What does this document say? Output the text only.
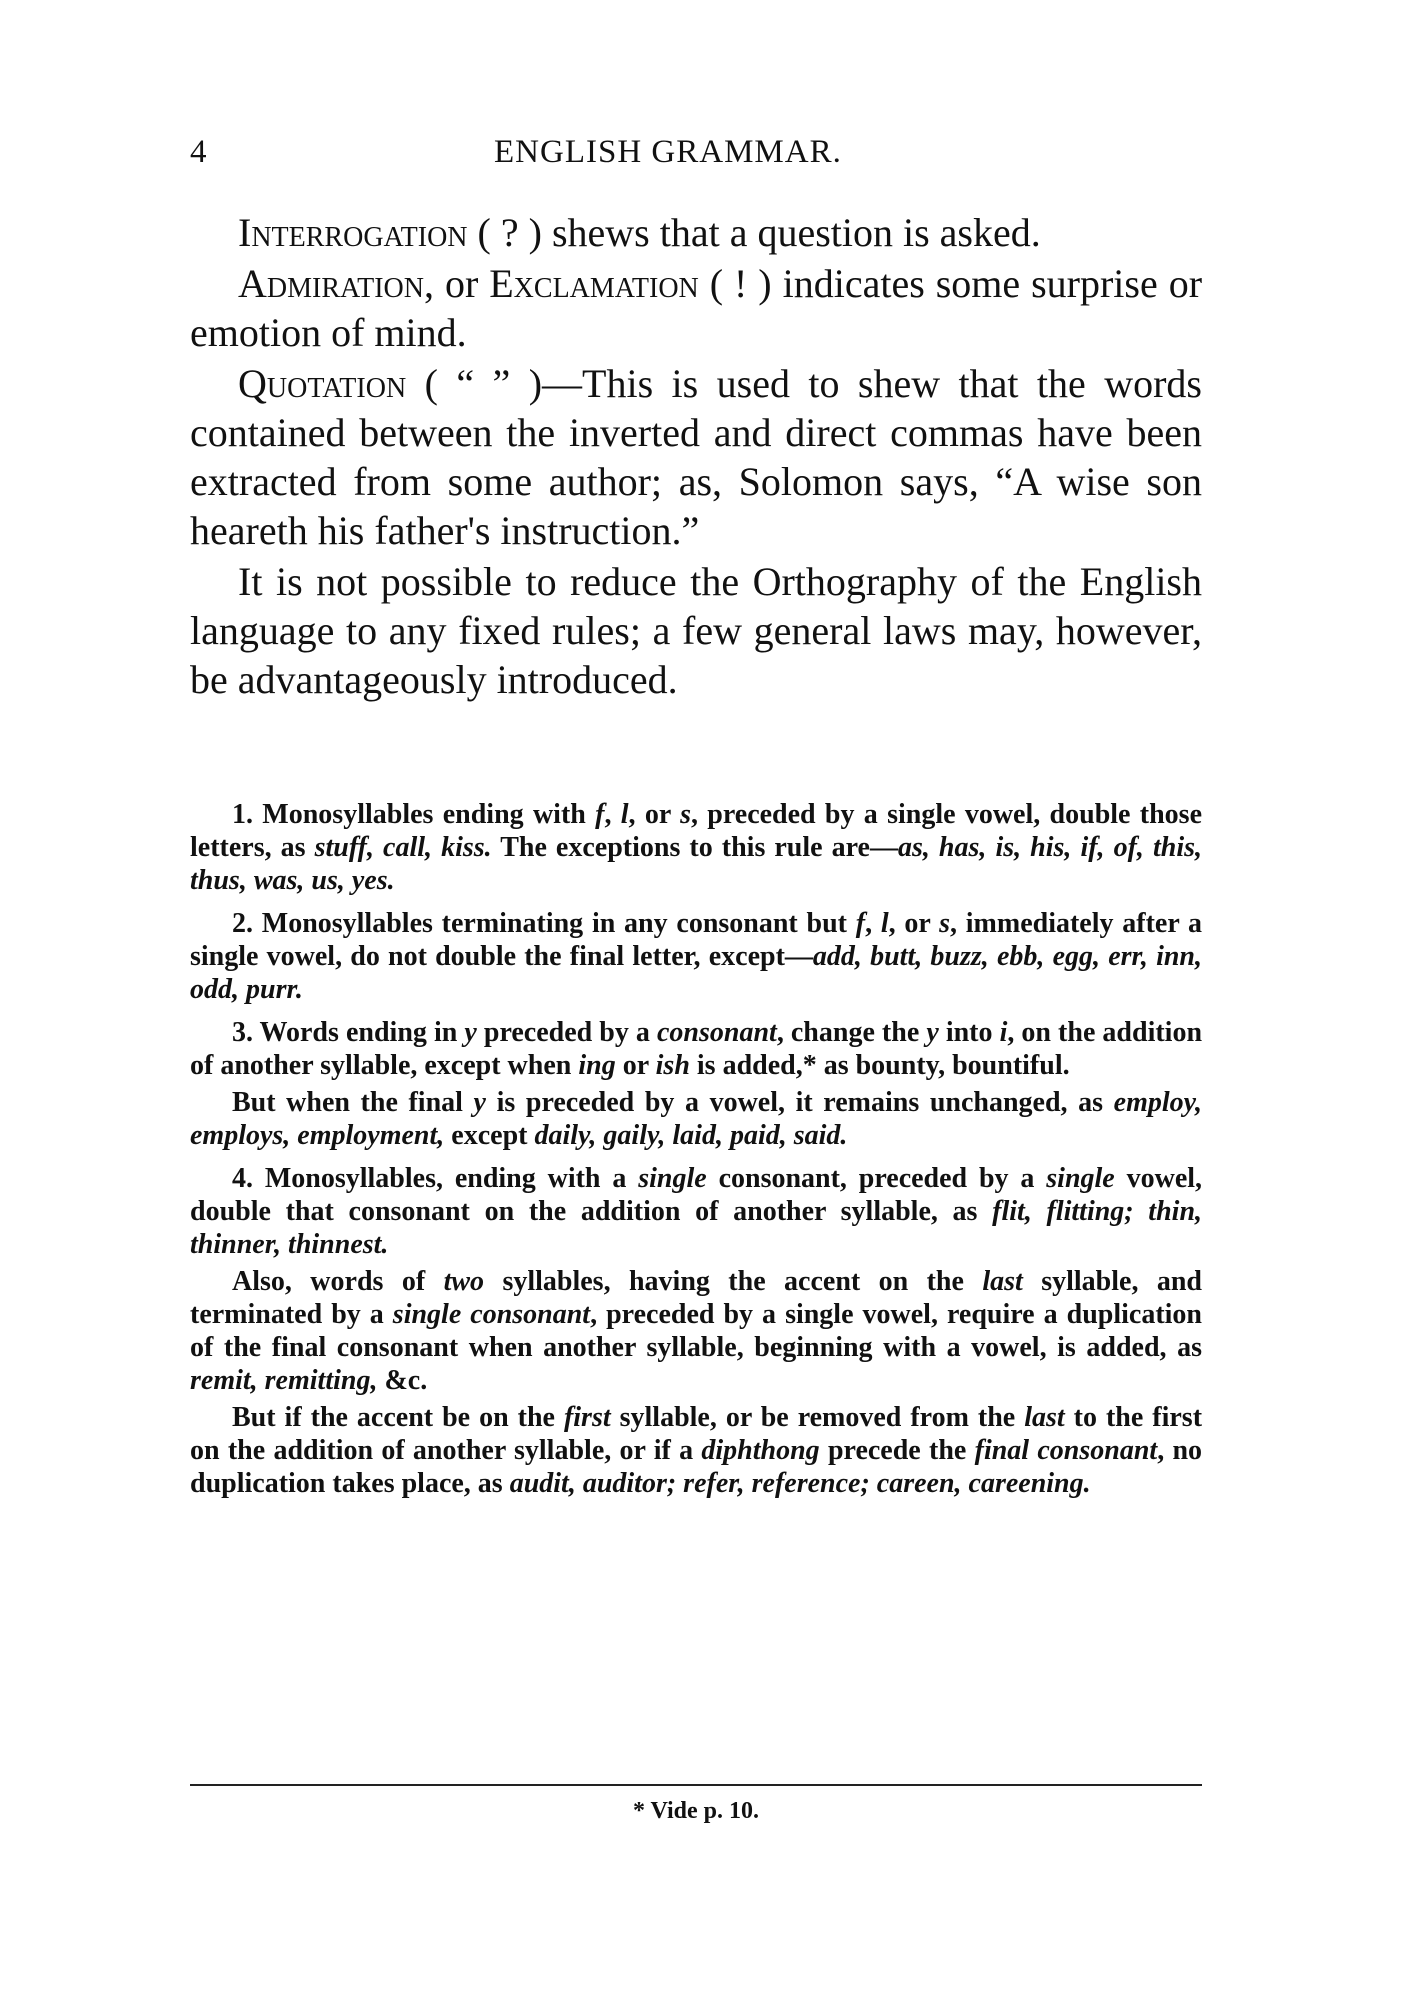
4	ENGLISH GRAMMAR.

Interrogation ( ? ) shews that a question is asked.

Admiration, or Exclamation ( ! ) indicates some surprise or emotion of mind.

Quotation ( “ ” )—This is used to shew that the words contained between the inverted and direct commas have been extracted from some author; as, Solomon says, “A wise son heareth his father's instruction.”

It is not possible to reduce the Orthography of the English language to any fixed rules; a few general laws may, however, be advantageously introduced.

1. Monosyllables ending with f, l, or s, preceded by a single vowel, double those letters, as stuff, call, kiss. The exceptions to this rule are—as, has, is, his, if, of, this, thus, was, us, yes.

2. Monosyllables terminating in any consonant but f, l, or s, immediately after a single vowel, do not double the final letter, except—add, butt, buzz, ebb, egg, err, inn, odd, purr.

3. Words ending in y preceded by a consonant, change the y into i, on the addition of another syllable, except when ing or ish is added,* as bounty, bountiful.

But when the final y is preceded by a vowel, it remains unchanged, as employ, employs, employment, except daily, gaily, laid, paid, said.

4. Monosyllables, ending with a single consonant, preceded by a single vowel, double that consonant on the addition of another syllable, as flit, flitting; thin, thinner, thinnest.

Also, words of two syllables, having the accent on the last syllable, and terminated by a single consonant, preceded by a single vowel, require a duplication of the final consonant when another syllable, beginning with a vowel, is added, as remit, remitting, &c.

But if the accent be on the first syllable, or be removed from the last to the first on the addition of another syllable, or if a diphthong precede the final consonant, no duplication takes place, as audit, auditor; refer, reference; careen, careening.

* Vide p. 10.
